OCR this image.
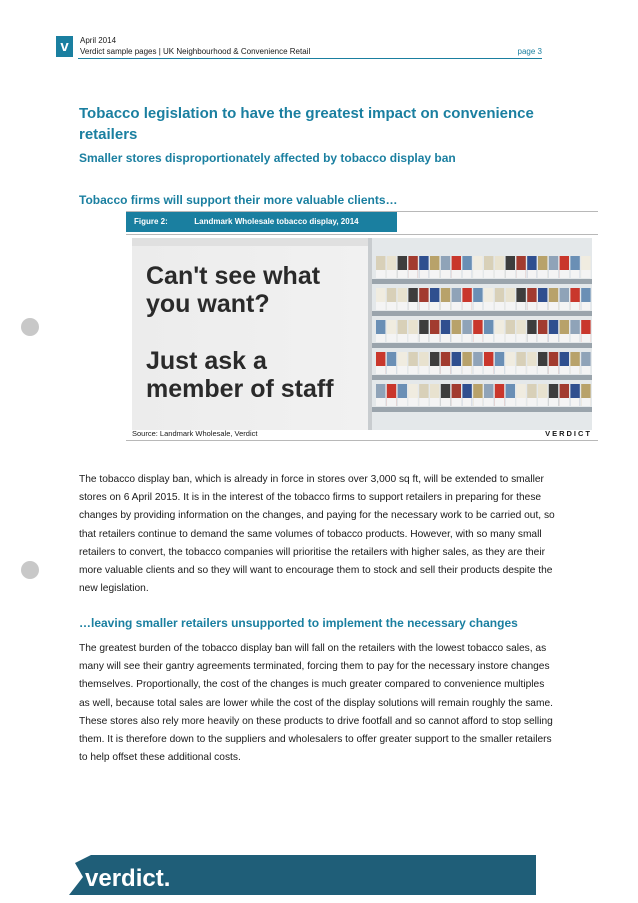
v	April 2014
Verdict sample pages | UK Neighbourhood & Convenience Retail	page 3
Tobacco legislation to have the greatest impact on convenience retailers
Smaller stores disproportionately affected by tobacco display ban
Tobacco firms will support their more valuable clients…
Figure 2:	Landmark Wholesale tobacco display, 2014
Can't see what
you want?
Just ask a
member of staff
Source: Landmark Wholesale, Verdict	VERDICT
The tobacco display ban, which is already in force in stores over 3,000 sq ft, will be extended to smaller stores on 6 April 2015. It is in the interest of the tobacco firms to support retailers in preparing for these changes by providing information on the changes, and paying for the necessary work to be carried out, so that retailers continue to demand the same volumes of tobacco products. However, with so many small retailers to convert, the tobacco companies will prioritise the retailers with higher sales, as they are their more valuable clients and so they will want to encourage them to stock and sell their products despite the new legislation.
…leaving smaller retailers unsupported to implement the necessary changes
The greatest burden of the tobacco display ban will fall on the retailers with the lowest tobacco sales, as many will see their gantry agreements terminated, forcing them to pay for the necessary instore changes themselves. Proportionally, the cost of the changes is much greater compared to convenience multiples as well, because total sales are lower while the cost of the display solutions will remain roughly the same. These stores also rely more heavily on these products to drive footfall and so cannot afford to stop selling them. It is therefore down to the suppliers and wholesalers to offer greater support to the smaller retailers to help offset these additional costs.
verdict.
